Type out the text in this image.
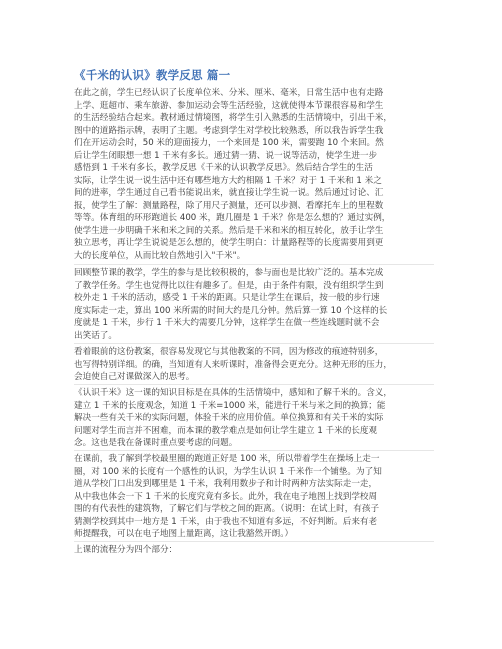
《千米的认识》教学反思 篇一
在此之前，学生已经认识了长度单位米、分米、厘米、毫米，日常生活中也有走路
上学、逛超市、乘车旅游、参加运动会等生活经验，这就使得本节课很容易和学生
的生活经验结合起来。教材通过情境图，将学生引入熟悉的生活情境中，引出千米，
图中的道路指示牌，表明了主题。考虑到学生对学校比较熟悉，所以我告诉学生我
们在开运动会时，50 米的迎面接力，一个来回是 100 米，需要跑 10 个来回。然
后让学生闭眼想一想 1 千米有多长。通过猜一猜、说一说等活动，使学生进一步
感悟到 1 千米有多长，教学反思《千米的认识教学反思》。然后结合学生的生活
实际，让学生说一说生活中还有哪些地方大约相隔 1 千米？对于 1 千米和 1 米之
间的进率，学生通过自己看书能说出来，就直接让学生说一说。然后通过讨论、汇
报，使学生了解：测量路程，除了用尺子测量，还可以步测、看摩托车上的里程数
等等。体育组的环形跑道长 400 米，跑几圈是 1 千米？你是怎么想的？通过实例，
使学生进一步明确千米和米之间的关系。然后是千米和米的相互转化，放手让学生
独立思考，再让学生说说是怎么想的，使学生明白：计量路程等的长度需要用到更
大的长度单位，从而比较自然地引入"千米"。
回顾整节课的教学，学生的参与是比较积极的，参与面也是比较广泛的。基本完成
了教学任务。学生也觉得比以往有趣多了。但是，由于条件有限，没有组织学生到
校外走 1 千米的活动，感受 1 千米的距离。只是让学生在课后，按一般的步行速
度实际走一走，算出 100 米所需的时间大约是几分钟。然后算一算 10 个这样的长
度就是 1 千米，步行 1 千米大约需要几分钟，这样学生在做一些连线题时就不会
出笑话了。
看着眼前的这份教案，很容易发现它与其他教案的不同，因为修改的痕迹特别多，
也写得特别详细。的确，当知道有人来听课时，准备得会更充分。这种无形的压力，
会迫使自己对课做深入的思考。
《认识千米》这一课的知识目标是在具体的生活情境中，感知和了解千米的。含义，
建立 1 千米的长度观念，知道 1 千米=1000 米，能进行千米与米之间的换算；能
解决一些有关千米的实际问题，体验千米的应用价值。单位换算和有关千米的实际
问题对学生而言并不困难，而本课的教学难点是如何让学生建立 1 千米的长度观
念。这也是我在备课时重点要考虑的问题。
在课前，我了解到学校最里圈的跑道正好是 100 米，所以带着学生在操场上走一
圈，对 100 米的长度有一个感性的认识，为学生认识 1 千米作一个铺垫。为了知
道从学校门口出发到哪里是 1 千米，我利用数步子和计时两种方法实际走一走，
从中我也体会一下 1 千米的长度究竟有多长。此外，我在电子地图上找到学校周
围的有代表性的建筑物，了解它们与学校之间的距离。（说明：在试上时，有孩子
猜测学校到其中一地方是 1 千米，由于我也不知道有多远，不好判断。后来有老
师提醒我，可以在电子地图上量距离，这让我豁然开朗。）
上课的流程分为四个部分：
